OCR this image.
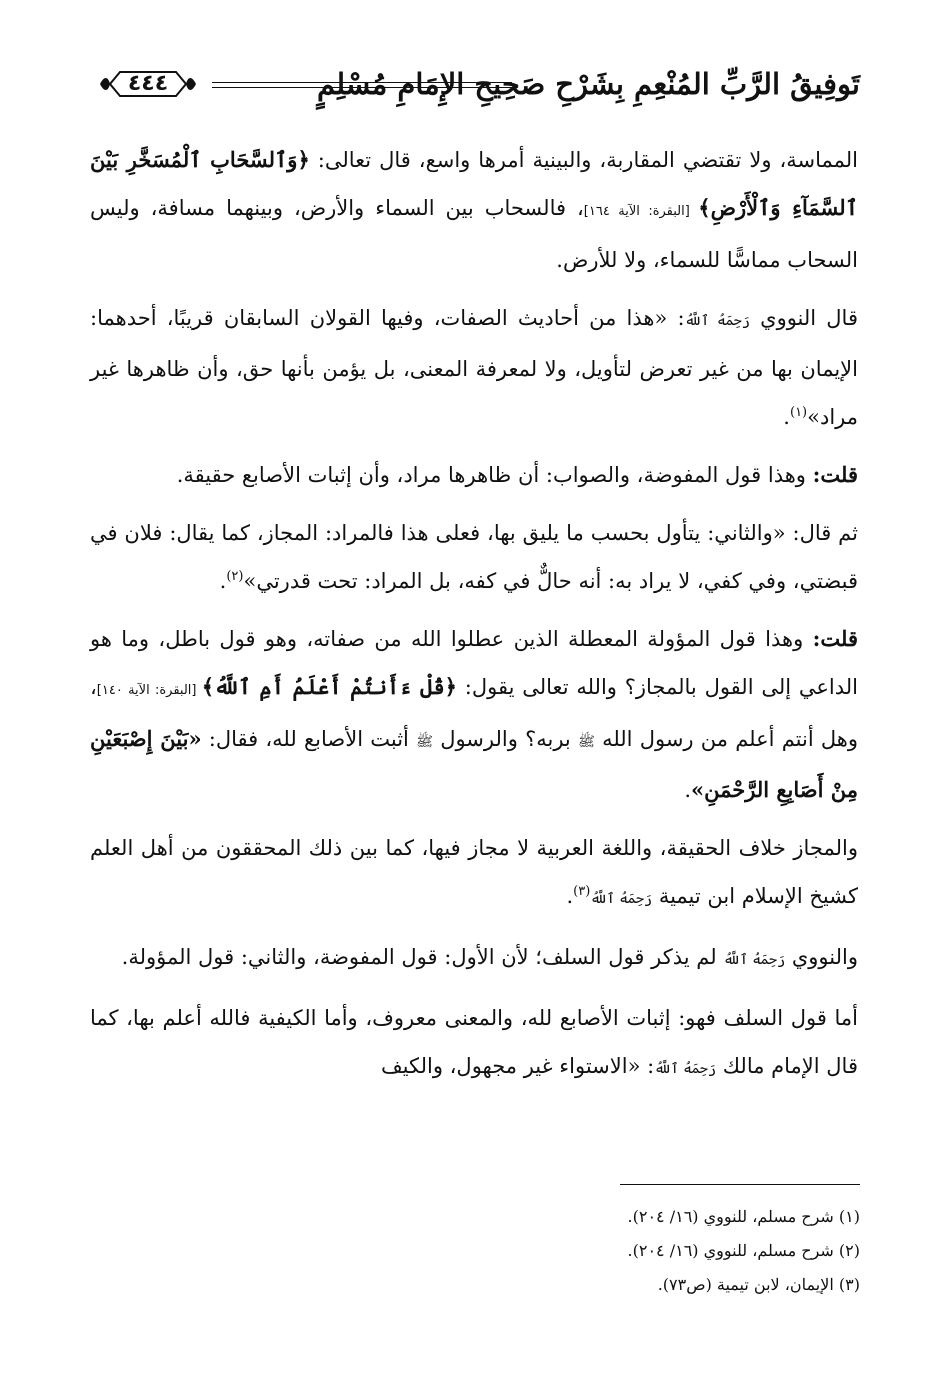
٤٤٤	تَوفِيقُ الرَّبِّ المُنْعِمِ بِشَرْحِ صَحِيحِ الإِمَامِ مُسْلِمٍ

المماسة، ولا تقتضي المقاربة، والبينية أمرها واسع، قال تعالى: ﴿وَٱلسَّحَابِ ٱلْمُسَخَّرِ بَيْنَ ٱلسَّمَآءِ وَٱلْأَرْضِ﴾ [البقرة: الآية ١٦٤]، فالسحاب بين السماء والأرض، وبينهما مسافة، وليس السحاب مماسًّا للسماء، ولا للأرض.

قال النووي رَحِمَهُ ٱللَّهُ: «هذا من أحاديث الصفات، وفيها القولان السابقان قريبًا، أحدهما: الإيمان بها من غير تعرض لتأويل، ولا لمعرفة المعنى، بل يؤمن بأنها حق، وأن ظاهرها غير مراد»$^{(١)}$.

قلت: وهذا قول المفوضة، والصواب: أن ظاهرها مراد، وأن إثبات الأصابع حقيقة.

ثم قال: «والثاني: يتأول بحسب ما يليق بها، فعلى هذا فالمراد: المجاز، كما يقال: فلان في قبضتي، وفي كفي، لا يراد به: أنه حالٌّ في كفه، بل المراد: تحت قدرتي»$^{(٢)}$.

قلت: وهذا قول المؤولة المعطلة الذين عطلوا الله من صفاته، وهو قول باطل، وما هو الداعي إلى القول بالمجاز؟ والله تعالى يقول: ﴿قُلْ ءَأَنتُمْ أَعْلَمُ أَمِ ٱللَّهُ﴾ [البقرة: الآية ١٤٠]، وهل أنتم أعلم من رسول الله ﷺ بربه؟ والرسول ﷺ أثبت الأصابع لله، فقال: «بَيْنَ إِصْبَعَيْنِ مِنْ أَصَابِعِ الرَّحْمَنِ».

والمجاز خلاف الحقيقة، واللغة العربية لا مجاز فيها، كما بين ذلك المحققون من أهل العلم كشيخ الإسلام ابن تيمية رَحِمَهُ ٱللَّهُ$^{(٣)}$.

والنووي رَحِمَهُ ٱللَّهُ لم يذكر قول السلف؛ لأن الأول: قول المفوضة، والثاني: قول المؤولة.

أما قول السلف فهو: إثبات الأصابع لله، والمعنى معروف، وأما الكيفية فالله أعلم بها، كما قال الإمام مالك رَحِمَهُ ٱللَّهُ: «الاستواء غير مجهول، والكيف

(١) شرح مسلم، للنووي (١٦/ ٢٠٤).
(٢) شرح مسلم، للنووي (١٦/ ٢٠٤).
(٣) الإيمان، لابن تيمية (ص٧٣).
